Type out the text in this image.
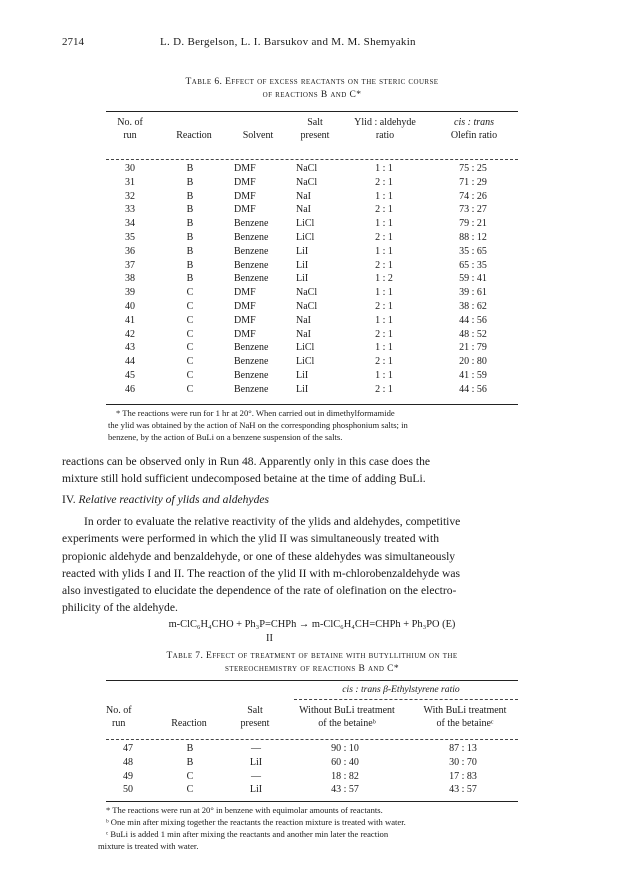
2714	L. D. Bergelson, L. I. Barsukov and M. M. Shemyakin
Table 6. Effect of excess reactants on the steric course
of reactions B and C*
No. of
run	Reaction	Solvent
Salt
present
Ylid : aldehyde
ratio
cis : trans
Olefin ratio
30	B	DMF	NaCl	1 : 1	75 : 25
31	B	DMF	NaCl	2 : 1	71 : 29
32	B	DMF	NaI	1 : 1	74 : 26
33	B	DMF	NaI	2 : 1	73 : 27
34	B	Benzene	LiCl	1 : 1	79 : 21
35	B	Benzene	LiCl	2 : 1	88 : 12
36	B	Benzene	LiI	1 : 1	35 : 65
37	B	Benzene	LiI	2 : 1	65 : 35
38	B	Benzene	LiI	1 : 2	59 : 41
39	C	DMF	NaCl	1 : 1	39 : 61
40	C	DMF	NaCl	2 : 1	38 : 62
41	C	DMF	NaI	1 : 1	44 : 56
42	C	DMF	NaI	2 : 1	48 : 52
43	C	Benzene	LiCl	1 : 1	21 : 79
44	C	Benzene	LiCl	2 : 1	20 : 80
45	C	Benzene	LiI	1 : 1	41 : 59
46	C	Benzene	LiI	2 : 1	44 : 56
* The reactions were run for 1 hr at 20°. When carried out in dimethylformamide
the ylid was obtained by the action of NaH on the corresponding phosphonium salts; in
benzene, by the action of BuLi on a benzene suspension of the salts.
reactions can be observed only in Run 48. Apparently only in this case does the
mixture still hold sufficient undecomposed betaine at the time of adding BuLi.
IV. Relative reactivity of ylids and aldehydes
In order to evaluate the relative reactivity of the ylids and aldehydes, competitive
experiments were performed in which the ylid II was simultaneously treated with
propionic aldehyde and benzaldehyde, or one of these aldehydes was simultaneously
reacted with ylids I and II. The reaction of the ylid II with m-chlorobenzaldehyde was
also investigated to elucidate the dependence of the rate of olefination on the electro-
philicity of the aldehyde.
m-ClC₆H₄CHO + Ph₃P=CHPh → m-ClC₆H₄CH=CHPh + Ph₃PO (E)
II
Table 7. Effect of treatment of betaine with butyllithium on the
stereochemistry of reactions B and C*
cis : trans β-Ethylstyrene ratio
No. of
run	Reaction
Salt
present
Without BuLi treatment
of the betaineᵇ
With BuLi treatment
of the betaineᶜ
47	B	—	90 : 10	87 : 13
48	B	LiI	60 : 40	30 : 70
49	C	—	18 : 82	17 : 83
50	C	LiI	43 : 57	43 : 57
* The reactions were run at 20° in benzene with equimolar amounts of reactants.
ᵇ One min after mixing together the reactants the reaction mixture is treated with water.
ᶜ BuLi is added 1 min after mixing the reactants and another min later the reaction
mixture is treated with water.
